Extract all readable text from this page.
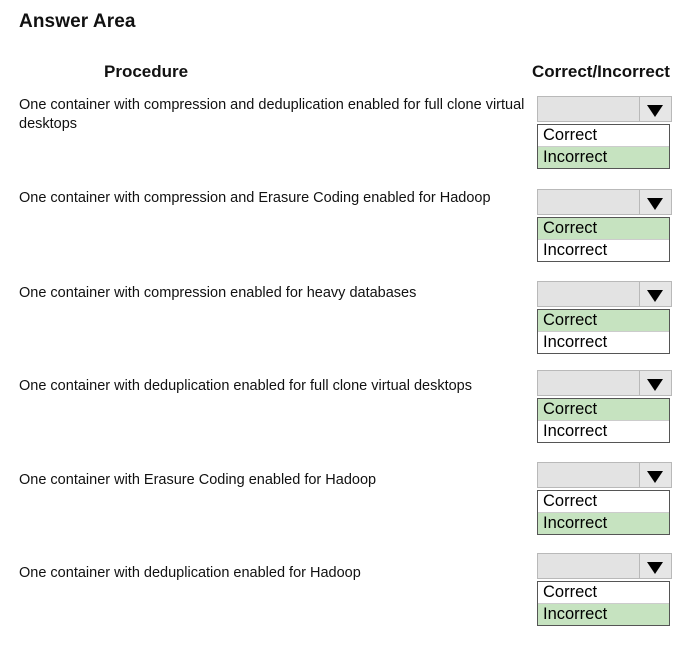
Answer Area
Procedure	Correct/Incorrect
One container with compression and deduplication enabled for full clone virtual desktops
Correct
Incorrect
One container with compression and Erasure Coding enabled for Hadoop
Correct
Incorrect
One container with compression enabled for heavy databases
Correct
Incorrect
One container with deduplication enabled for full clone virtual desktops
Correct
Incorrect
One container with Erasure Coding enabled for Hadoop
Correct
Incorrect
One container with deduplication enabled for Hadoop
Correct
Incorrect
